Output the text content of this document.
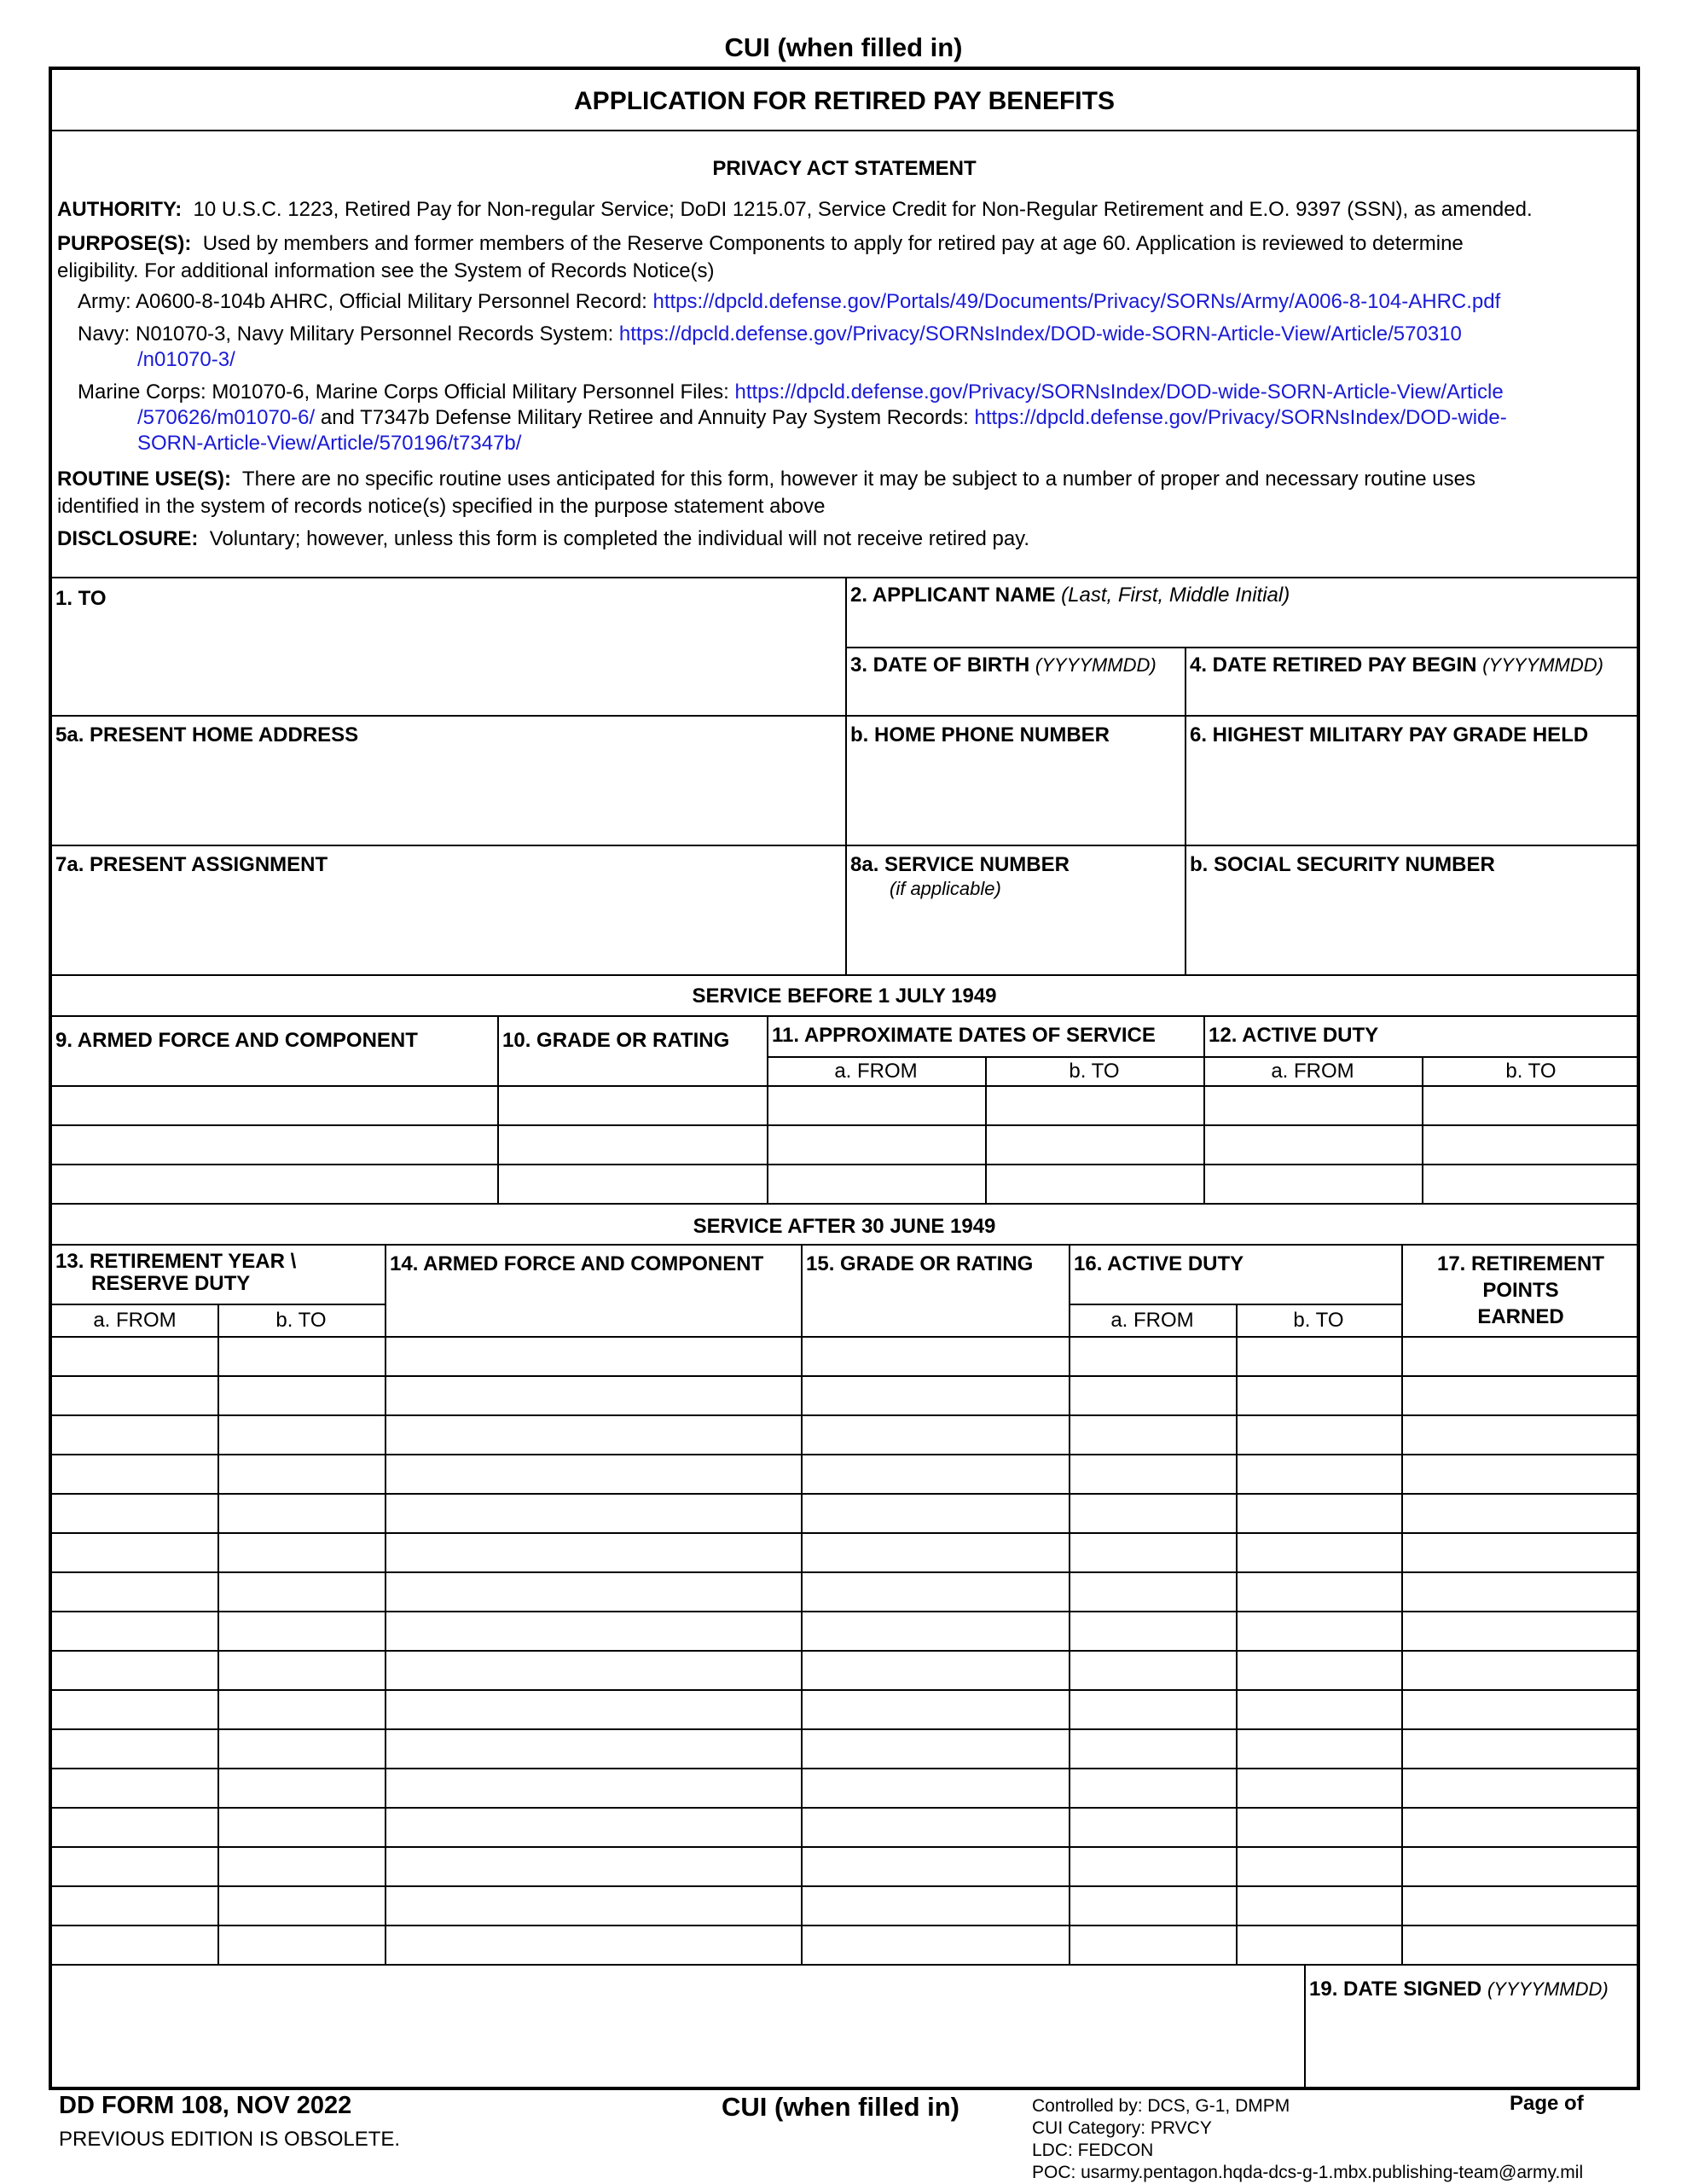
CUI (when filled in)
APPLICATION FOR RETIRED PAY BENEFITS
PRIVACY ACT STATEMENT
AUTHORITY: 10 U.S.C. 1223, Retired Pay for Non-regular Service; DoDI 1215.07, Service Credit for Non-Regular Retirement and E.O. 9397 (SSN), as amended.
PURPOSE(S): Used by members and former members of the Reserve Components to apply for retired pay at age 60. Application is reviewed to determine
eligibility. For additional information see the System of Records Notice(s)
Army: A0600-8-104b AHRC, Official Military Personnel Record: https://dpcld.defense.gov/Portals/49/Documents/Privacy/SORNs/Army/A006-8-104-AHRC.pdf
Navy: N01070-3, Navy Military Personnel Records System: https://dpcld.defense.gov/Privacy/SORNsIndex/DOD-wide-SORN-Article-View/Article/570310
/n01070-3/
Marine Corps: M01070-6, Marine Corps Official Military Personnel Files: https://dpcld.defense.gov/Privacy/SORNsIndex/DOD-wide-SORN-Article-View/Article
/570626/m01070-6/ and T7347b Defense Military Retiree and Annuity Pay System Records: https://dpcld.defense.gov/Privacy/SORNsIndex/DOD-wide-
SORN-Article-View/Article/570196/t7347b/
ROUTINE USE(S): There are no specific routine uses anticipated for this form, however it may be subject to a number of proper and necessary routine uses
identified in the system of records notice(s) specified in the purpose statement above
DISCLOSURE: Voluntary; however, unless this form is completed the individual will not receive retired pay.
1. TO	2. APPLICANT NAME (Last, First, Middle Initial)
3. DATE OF BIRTH (YYYYMMDD) 4. DATE RETIRED PAY BEGIN (YYYYMMDD)
5a. PRESENT HOME ADDRESS	b. HOME PHONE NUMBER	6. HIGHEST MILITARY PAY GRADE HELD
7a. PRESENT ASSIGNMENT	8a. SERVICE NUMBER
(if applicable)
b. SOCIAL SECURITY NUMBER
SERVICE BEFORE 1 JULY 1949
9. ARMED FORCE AND COMPONENT	10. GRADE OR RATING 11. APPROXIMATE DATES OF SERVICE	12. ACTIVE DUTY
a. FROM	b. TO	a. FROM	b. TO
SERVICE AFTER 30 JUNE 1949
13. RETIREMENT YEAR \
RESERVE DUTY
14. ARMED FORCE AND COMPONENT 15. GRADE OR RATING 16. ACTIVE DUTY	17. RETIREMENT
POINTS
EARNED
a. FROM	b. TO	a. FROM	b. TO
19. DATE SIGNED (YYYYMMDD)
DD FORM 108, NOV 2022
PREVIOUS EDITION IS OBSOLETE.
CUI (when filled in)	Controlled by: DCS, G-1, DMPM
CUI Category: PRVCY
LDC: FEDCON
POC: usarmy.pentagon.hqda-dcs-g-1.mbx.publishing-team@army.mil
Page of
